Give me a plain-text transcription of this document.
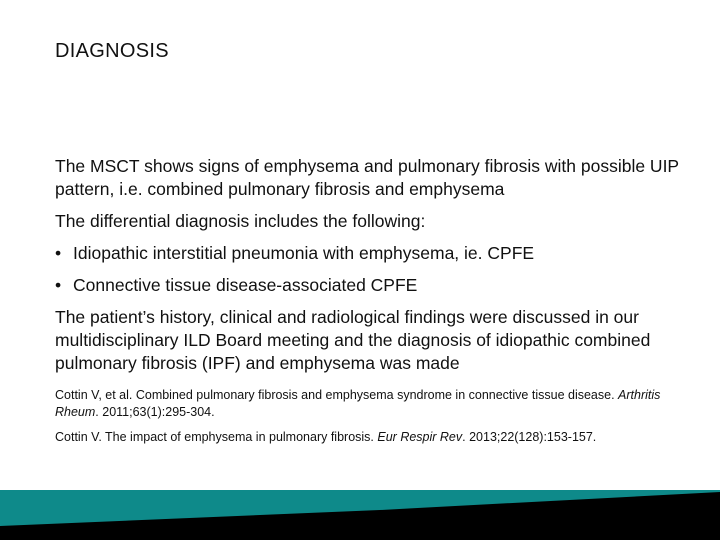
DIAGNOSIS

The MSCT shows signs of emphysema and pulmonary fibrosis with possible UIP pattern, i.e. combined pulmonary fibrosis and emphysema

The differential diagnosis includes the following:

• Idiopathic interstitial pneumonia with emphysema, ie. CPFE
• Connective tissue disease-associated CPFE

The patient’s history, clinical and radiological findings were discussed in our multidisciplinary ILD Board meeting and the diagnosis of idiopathic combined pulmonary fibrosis (IPF) and emphysema was made

Cottin V, et al. Combined pulmonary fibrosis and emphysema syndrome in connective tissue disease. Arthritis Rheum. 2011;63(1):295-304.

Cottin V. The impact of emphysema in pulmonary fibrosis. Eur Respir Rev. 2013;22(128):153-157.
